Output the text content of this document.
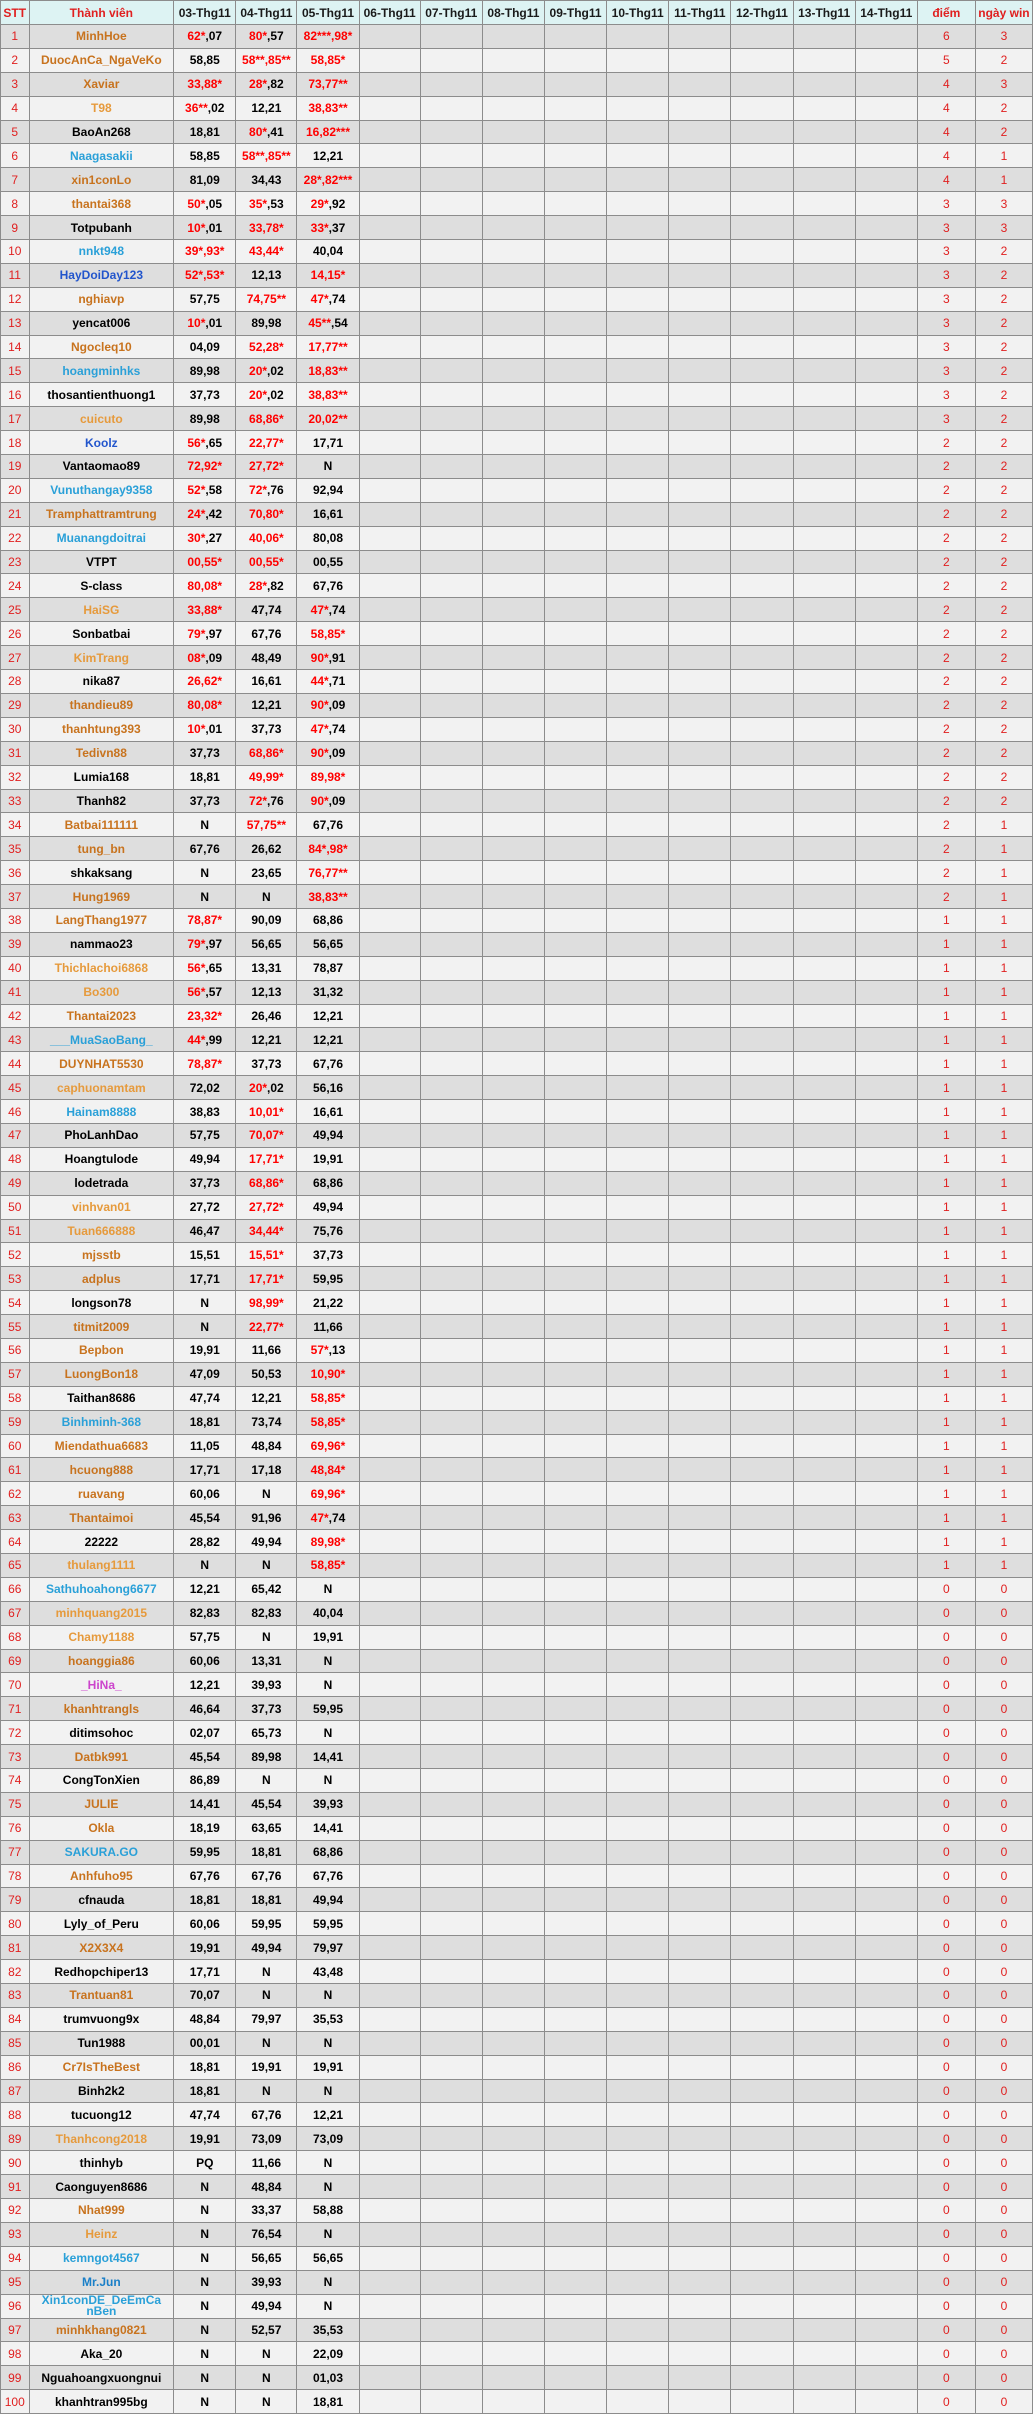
STT	Thành viên	03-Thg11	04-Thg11	05-Thg11	06-Thg11	07-Thg11	08-Thg11	09-Thg11	10-Thg11	11-Thg11	12-Thg11	13-Thg11	14-Thg11	điểm	ngày win
1	MinhHoe	62*,07	80*,57	82***,98*										6	3
2	DuocAnCa_NgaVeKo	58,85	58**,85**	58,85*										5	2
3	Xaviar	33,88*	28*,82	73,77**										4	3
4	T98	36**,02	12,21	38,83**										4	2
5	BaoAn268	18,81	80*,41	16,82***										4	2
6	Naagasakii	58,85	58**,85**	12,21										4	1
7	xin1conLo	81,09	34,43	28*,82***										4	1
8	thantai368	50*,05	35*,53	29*,92										3	3
9	Totpubanh	10*,01	33,78*	33*,37										3	3
10	nnkt948	39*,93*	43,44*	40,04										3	2
11	HayDoiDay123	52*,53*	12,13	14,15*										3	2
12	nghiavp	57,75	74,75**	47*,74										3	2
13	yencat006	10*,01	89,98	45**,54										3	2
14	Ngocleq10	04,09	52,28*	17,77**										3	2
15	hoangminhks	89,98	20*,02	18,83**										3	2
16	thosantienthuong1	37,73	20*,02	38,83**										3	2
17	cuicuto	89,98	68,86*	20,02**										3	2
18	Koolz	56*,65	22,77*	17,71										2	2
19	Vantaomao89	72,92*	27,72*	N										2	2
20	Vunuthangay9358	52*,58	72*,76	92,94										2	2
21	Tramphattramtrung	24*,42	70,80*	16,61										2	2
22	Muanangdoitrai	30*,27	40,06*	80,08										2	2
23	VTPT	00,55*	00,55*	00,55										2	2
24	S-class	80,08*	28*,82	67,76										2	2
25	HaiSG	33,88*	47,74	47*,74										2	2
26	Sonbatbai	79*,97	67,76	58,85*										2	2
27	KimTrang	08*,09	48,49	90*,91										2	2
28	nika87	26,62*	16,61	44*,71										2	2
29	thandieu89	80,08*	12,21	90*,09										2	2
30	thanhtung393	10*,01	37,73	47*,74										2	2
31	Tedivn88	37,73	68,86*	90*,09										2	2
32	Lumia168	18,81	49,99*	89,98*										2	2
33	Thanh82	37,73	72*,76	90*,09										2	2
34	Batbai111111	N	57,75**	67,76										2	1
35	tung_bn	67,76	26,62	84*,98*										2	1
36	shkaksang	N	23,65	76,77**										2	1
37	Hung1969	N	N	38,83**										2	1
38	LangThang1977	78,87*	90,09	68,86										1	1
39	nammao23	79*,97	56,65	56,65										1	1
40	Thichlachoi6868	56*,65	13,31	78,87										1	1
41	Bo300	56*,57	12,13	31,32										1	1
42	Thantai2023	23,32*	26,46	12,21										1	1
43	___MuaSaoBang_	44*,99	12,21	12,21										1	1
44	DUYNHAT5530	78,87*	37,73	67,76										1	1
45	caphuonamtam	72,02	20*,02	56,16										1	1
46	Hainam8888	38,83	10,01*	16,61										1	1
47	PhoLanhDao	57,75	70,07*	49,94										1	1
48	Hoangtulode	49,94	17,71*	19,91										1	1
49	lodetrada	37,73	68,86*	68,86										1	1
50	vinhvan01	27,72	27,72*	49,94										1	1
51	Tuan666888	46,47	34,44*	75,76										1	1
52	mjsstb	15,51	15,51*	37,73										1	1
53	adplus	17,71	17,71*	59,95										1	1
54	longson78	N	98,99*	21,22										1	1
55	titmit2009	N	22,77*	11,66										1	1
56	Bepbon	19,91	11,66	57*,13										1	1
57	LuongBon18	47,09	50,53	10,90*										1	1
58	Taithan8686	47,74	12,21	58,85*										1	1
59	Binhminh-368	18,81	73,74	58,85*										1	1
60	Miendathua6683	11,05	48,84	69,96*										1	1
61	hcuong888	17,71	17,18	48,84*										1	1
62	ruavang	60,06	N	69,96*										1	1
63	Thantaimoi	45,54	91,96	47*,74										1	1
64	22222	28,82	49,94	89,98*										1	1
65	thulang1111	N	N	58,85*										1	1
66	Sathuhoahong6677	12,21	65,42	N										0	0
67	minhquang2015	82,83	82,83	40,04										0	0
68	Chamy1188	57,75	N	19,91										0	0
69	hoanggia86	60,06	13,31	N										0	0
70	_HiNa_	12,21	39,93	N										0	0
71	khanhtrangls	46,64	37,73	59,95										0	0
72	ditimsohoc	02,07	65,73	N										0	0
73	Datbk991	45,54	89,98	14,41										0	0
74	CongTonXien	86,89	N	N										0	0
75	JULIE	14,41	45,54	39,93										0	0
76	Okla	18,19	63,65	14,41										0	0
77	SAKURA.GO	59,95	18,81	68,86										0	0
78	Anhfuho95	67,76	67,76	67,76										0	0
79	cfnauda	18,81	18,81	49,94										0	0
80	Lyly_of_Peru	60,06	59,95	59,95										0	0
81	X2X3X4	19,91	49,94	79,97										0	0
82	Redhopchiper13	17,71	N	43,48										0	0
83	Trantuan81	70,07	N	N										0	0
84	trumvuong9x	48,84	79,97	35,53										0	0
85	Tun1988	00,01	N	N										0	0
86	Cr7IsTheBest	18,81	19,91	19,91										0	0
87	Binh2k2	18,81	N	N										0	0
88	tucuong12	47,74	67,76	12,21										0	0
89	Thanhcong2018	19,91	73,09	73,09										0	0
90	thinhyb	PQ	11,66	N										0	0
91	Caonguyen8686	N	48,84	N										0	0
92	Nhat999	N	33,37	58,88										0	0
93	Heinz	N	76,54	N										0	0
94	kemngot4567	N	56,65	56,65										0	0
95	Mr.Jun	N	39,93	N										0	0
96	Xin1conDE_DeEmCa nBen	N	49,94	N										0	0
97	minhkhang0821	N	52,57	35,53										0	0
98	Aka_20	N	N	22,09										0	0
99	Nguahoangxuongnui	N	N	01,03										0	0
100	khanhtran995bg	N	N	18,81										0	0
